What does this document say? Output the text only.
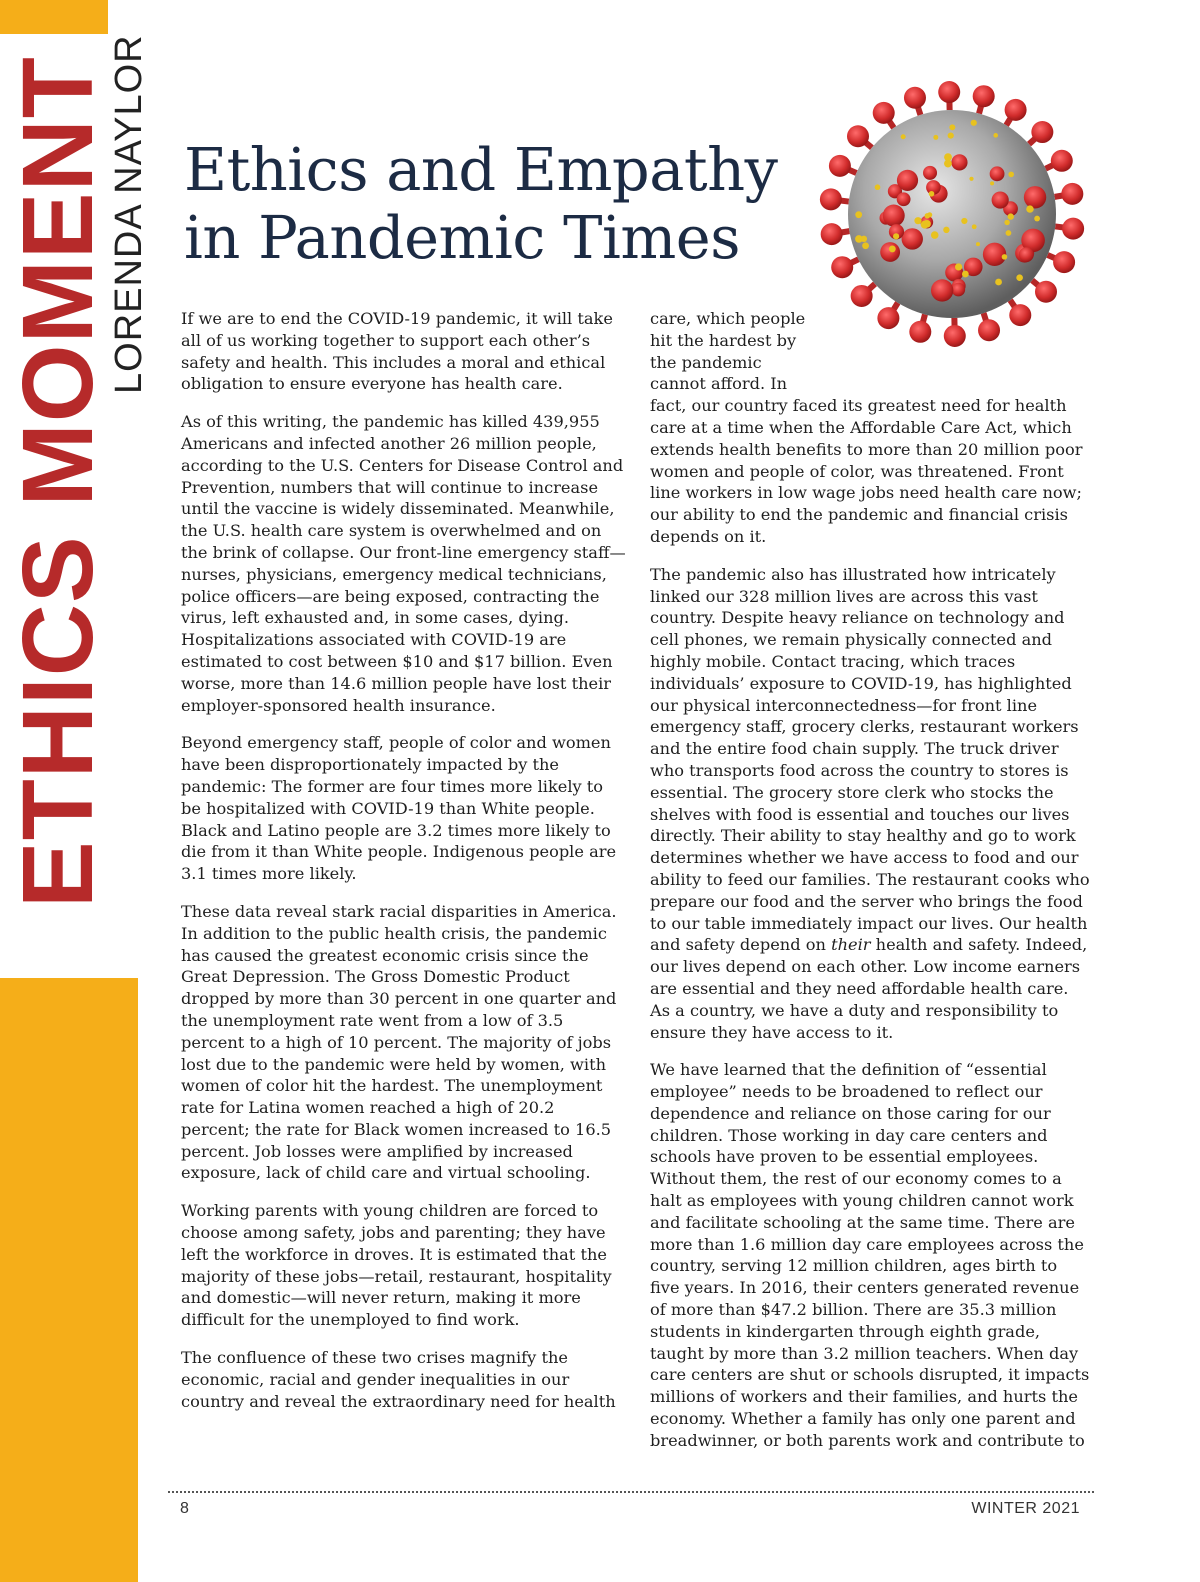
ETHICS MOMENT
LORENDA NAYLOR Ethics and Empathy
in Pandemic Times

If we are to end the COVID-19 pandemic, it will take all of us working together to support each other’s safety and health. This includes a moral and ethical obligation to ensure everyone has health care.

As of this writing, the pandemic has killed 439,955 Americans and infected another 26 million people, according to the U.S. Centers for Disease Control and Prevention, numbers that will continue to increase until the vaccine is widely disseminated. Meanwhile, the U.S. health care system is overwhelmed and on the brink of collapse. Our front-line emergency staff—nurses, physicians, emergency medical technicians, police officers—are being exposed, contracting the virus, left exhausted and, in some cases, dying. Hospitalizations associated with COVID-19 are estimated to cost between $10 and $17 billion. Even worse, more than 14.6 million people have lost their employer-sponsored health insurance.

Beyond emergency staff, people of color and women have been disproportionately impacted by the pandemic: The former are four times more likely to be hospitalized with COVID-19 than White people. Black and Latino people are 3.2 times more likely to die from it than White people. Indigenous people are 3.1 times more likely.

These data reveal stark racial disparities in America. In addition to the public health crisis, the pandemic has caused the greatest economic crisis since the Great Depression. The Gross Domestic Product dropped by more than 30 percent in one quarter and the unemployment rate went from a low of 3.5 percent to a high of 10 percent. The majority of jobs lost due to the pandemic were held by women, with women of color hit the hardest. The unemployment rate for Latina women reached a high of 20.2 percent; the rate for Black women increased to 16.5 percent. Job losses were amplified by increased exposure, lack of child care and virtual schooling.

Working parents with young children are forced to choose among safety, jobs and parenting; they have left the workforce in droves. It is estimated that the majority of these jobs—retail, restaurant, hospitality and domestic—will never return, making it more difficult for the unemployed to find work.

The confluence of these two crises magnify the economic, racial and gender inequalities in our country and reveal the extraordinary need for health

care, which people hit the hardest by the pandemic cannot afford. In fact, our country faced its greatest need for health care at a time when the Affordable Care Act, which extends health benefits to more than 20 million poor women and people of color, was threatened. Front line workers in low wage jobs need health care now; our ability to end the pandemic and financial crisis depends on it.

The pandemic also has illustrated how intricately linked our 328 million lives are across this vast country. Despite heavy reliance on technology and cell phones, we remain physically connected and highly mobile. Contact tracing, which traces individuals’ exposure to COVID-19, has highlighted our physical interconnectedness—for front line emergency staff, grocery clerks, restaurant workers and the entire food chain supply. The truck driver who transports food across the country to stores is essential. The grocery store clerk who stocks the shelves with food is essential and touches our lives directly. Their ability to stay healthy and go to work determines whether we have access to food and our ability to feed our families. The restaurant cooks who prepare our food and the server who brings the food to our table immediately impact our lives. Our health and safety depend on their health and safety. Indeed, our lives depend on each other. Low income earners are essential and they need affordable health care. As a country, we have a duty and responsibility to ensure they have access to it.

We have learned that the definition of “essential employee” needs to be broadened to reflect our dependence and reliance on those caring for our children. Those working in day care centers and schools have proven to be essential employees. Without them, the rest of our economy comes to a halt as employees with young children cannot work and facilitate schooling at the same time. There are more than 1.6 million day care employees across the country, serving 12 million children, ages birth to five years. In 2016, their centers generated revenue of more than $47.2 billion. There are 35.3 million students in kindergarten through eighth grade, taught by more than 3.2 million teachers. When day care centers are shut or schools disrupted, it impacts millions of workers and their families, and hurts the economy. Whether a family has only one parent and breadwinner, or both parents work and contribute to

8	WINTER 2021
